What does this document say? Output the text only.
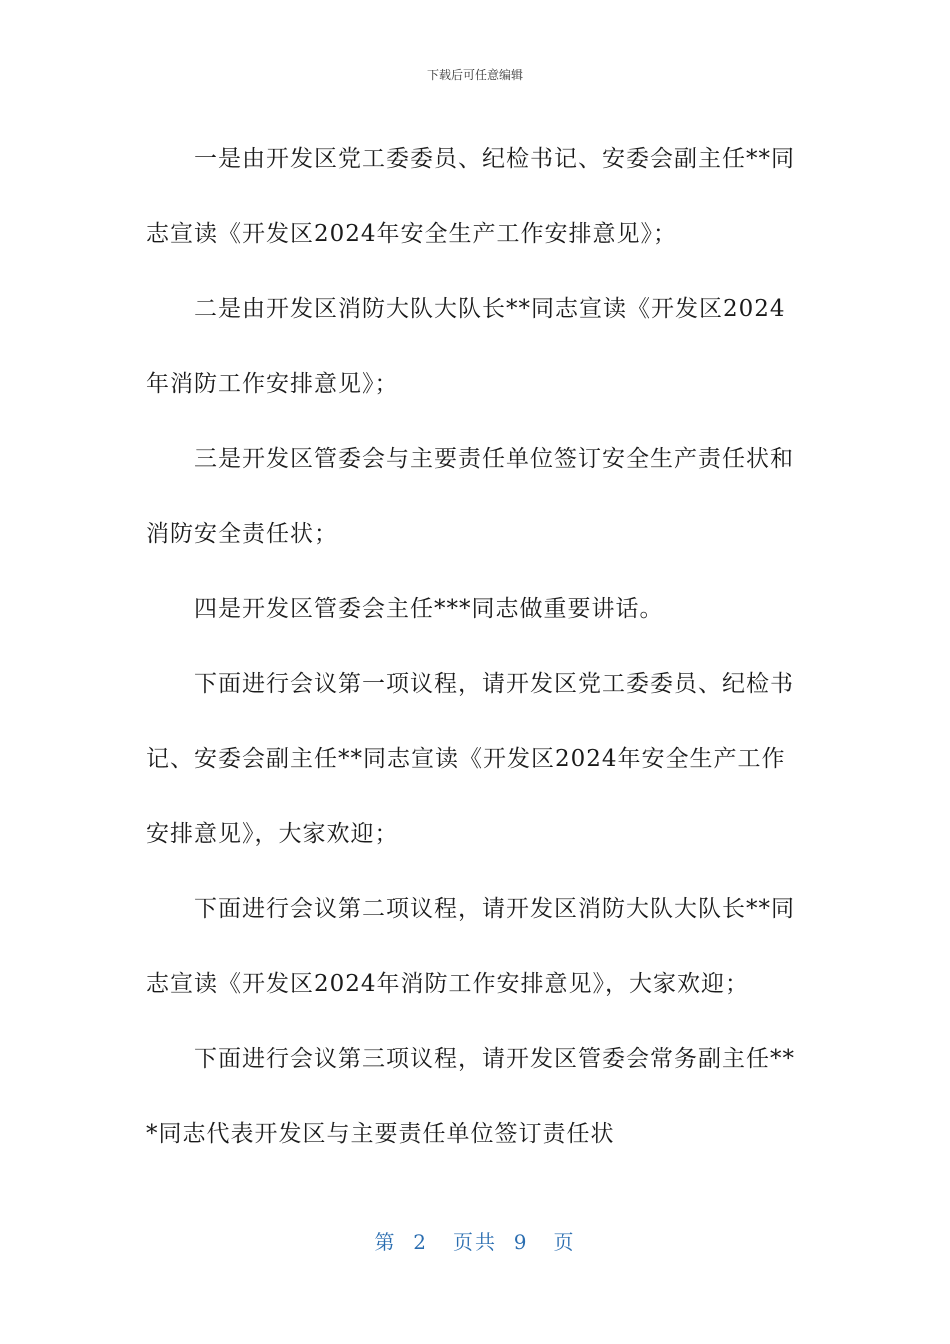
下载后可任意编辑

一是由开发区党工委委员、纪检书记、安委会副主任**同志宣读《开发区2024年安全生产工作安排意见》；

二是由开发区消防大队大队长**同志宣读《开发区2024年消防工作安排意见》；

三是开发区管委会与主要责任单位签订安全生产责任状和消防安全责任状；

四是开发区管委会主任***同志做重要讲话。

下面进行会议第一项议程，请开发区党工委委员、纪检书记、安委会副主任**同志宣读《开发区2024年安全生产工作安排意见》，大家欢迎；

下面进行会议第二项议程，请开发区消防大队大队长**同志宣读《开发区2024年消防工作安排意见》，大家欢迎；

下面进行会议第三项议程，请开发区管委会常务副主任***同志代表开发区与主要责任单位签订责任状

第 2 页共 9 页
